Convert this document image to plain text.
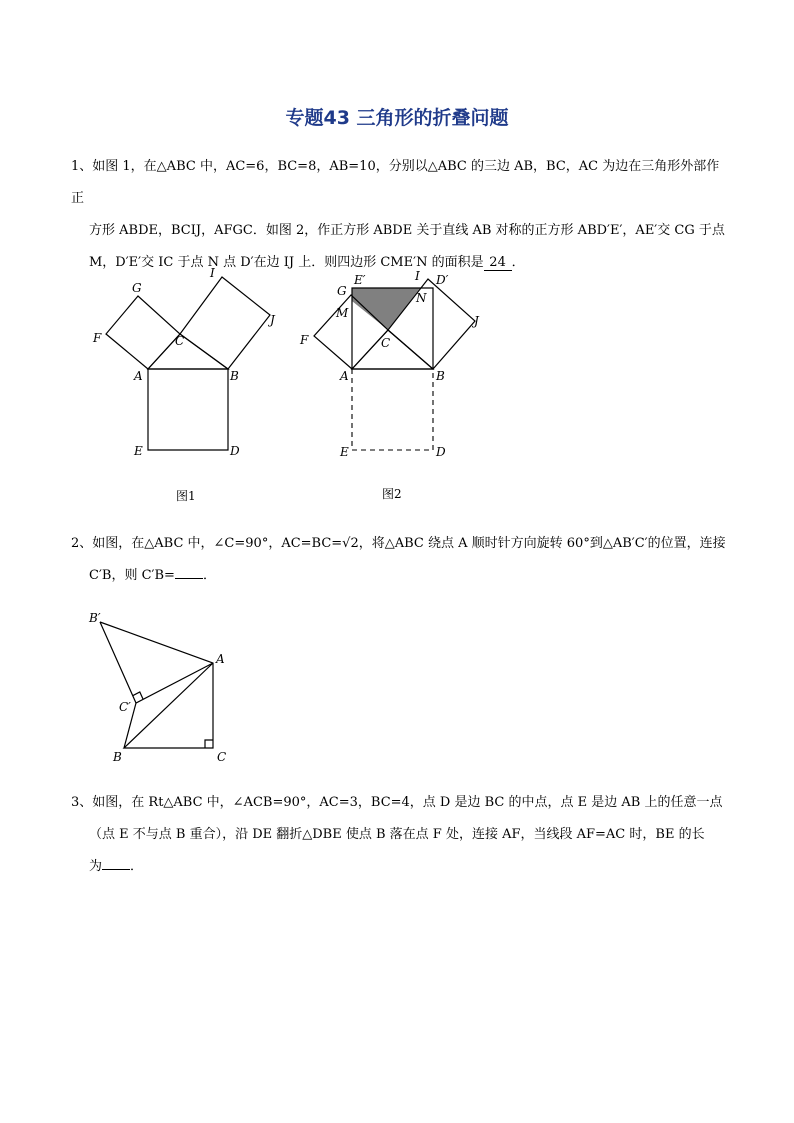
专题43 三角形的折叠问题
1、如图 1，在△ABC 中，AC=6，BC=8，AB=10，分别以△ABC 的三边 AB，BC，AC 为边在三角形外部作正
方形 ABDE，BCIJ，AFGC．如图 2，作正方形 ABDE 关于直线 AB 对称的正方形 ABD′E′，AE′交 CG 于点
M，D′E′交 IC 于点 N 点 D′在边 IJ 上．则四边形 CME′N 的面积是 24 ．
G
I
J
F	C
A	B
E	D
图1
E′	I D′
G	N
M
J
F	C
A	B
E	D
图2
2、如图，在△ABC 中，∠C=90°，AC=BC=√2，将△ABC 绕点 A 顺时针方向旋转 60°到△AB′C′的位置，连接
C′B，则 C′B= ．
B′
A
C′
B	C
3、如图，在 Rt△ABC 中，∠ACB=90°，AC=3，BC=4，点 D 是边 BC 的中点，点 E 是边 AB 上的任意一点
（点 E 不与点 B 重合），沿 DE 翻折△DBE 使点 B 落在点 F 处，连接 AF，当线段 AF=AC 时，BE 的长
为 ．
